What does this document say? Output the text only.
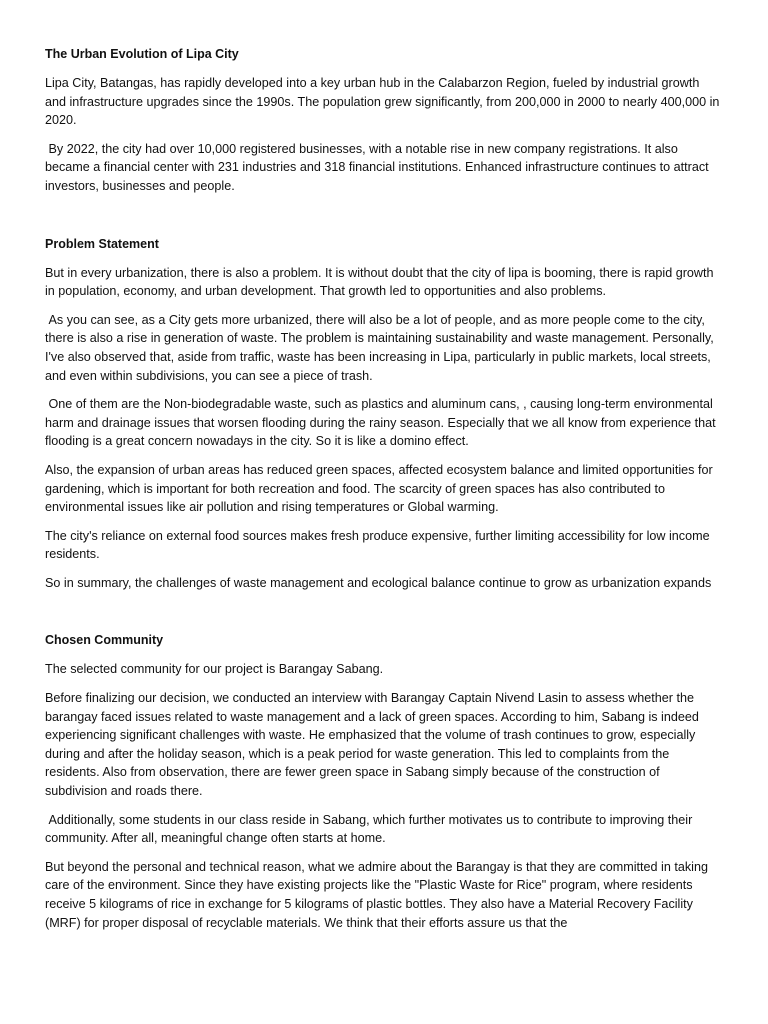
The Urban Evolution of Lipa City

Lipa City, Batangas, has rapidly developed into a key urban hub in the Calabarzon Region, fueled by industrial growth and infrastructure upgrades since the 1990s. The population grew significantly, from 200,000 in 2000 to nearly 400,000 in 2020.

By 2022, the city had over 10,000 registered businesses, with a notable rise in new company registrations. It also became a financial center with 231 industries and 318 financial institutions. Enhanced infrastructure continues to attract investors, businesses and people.

Problem Statement

But in every urbanization, there is also a problem. It is without doubt that the city of lipa is booming, there is rapid growth in population, economy, and urban development. That growth led to opportunities and also problems.

As you can see, as a City gets more urbanized, there will also be a lot of people, and as more people come to the city, there is also a rise in generation of waste. The problem is maintaining sustainability and waste management. Personally, I've also observed that, aside from traffic, waste has been increasing in Lipa, particularly in public markets, local streets, and even within subdivisions, you can see a piece of trash.

One of them are the Non-biodegradable waste, such as plastics and aluminum cans, , causing long-term environmental harm and drainage issues that worsen flooding during the rainy season. Especially that we all know from experience that flooding is a great concern nowadays in the city. So it is like a domino effect.

Also, the expansion of urban areas has reduced green spaces, affected ecosystem balance and limited opportunities for gardening, which is important for both recreation and food. The scarcity of green spaces has also contributed to environmental issues like air pollution and rising temperatures or Global warming.

The city's reliance on external food sources makes fresh produce expensive, further limiting accessibility for low income residents.

So in summary, the challenges of waste management and ecological balance continue to grow as urbanization expands

Chosen Community

The selected community for our project is Barangay Sabang.

Before finalizing our decision, we conducted an interview with Barangay Captain Nivend Lasin to assess whether the barangay faced issues related to waste management and a lack of green spaces. According to him, Sabang is indeed experiencing significant challenges with waste. He emphasized that the volume of trash continues to grow, especially during and after the holiday season, which is a peak period for waste generation. This led to complaints from the residents. Also from observation, there are fewer green space in Sabang simply because of the construction of subdivision and roads there.

Additionally, some students in our class reside in Sabang, which further motivates us to contribute to improving their community. After all, meaningful change often starts at home.

But beyond the personal and technical reason, what we admire about the Barangay is that they are committed in taking care of the environment. Since they have existing projects like the "Plastic Waste for Rice" program, where residents receive 5 kilograms of rice in exchange for 5 kilograms of plastic bottles. They also have a Material Recovery Facility (MRF) for proper disposal of recyclable materials. We think that their efforts assure us that the
